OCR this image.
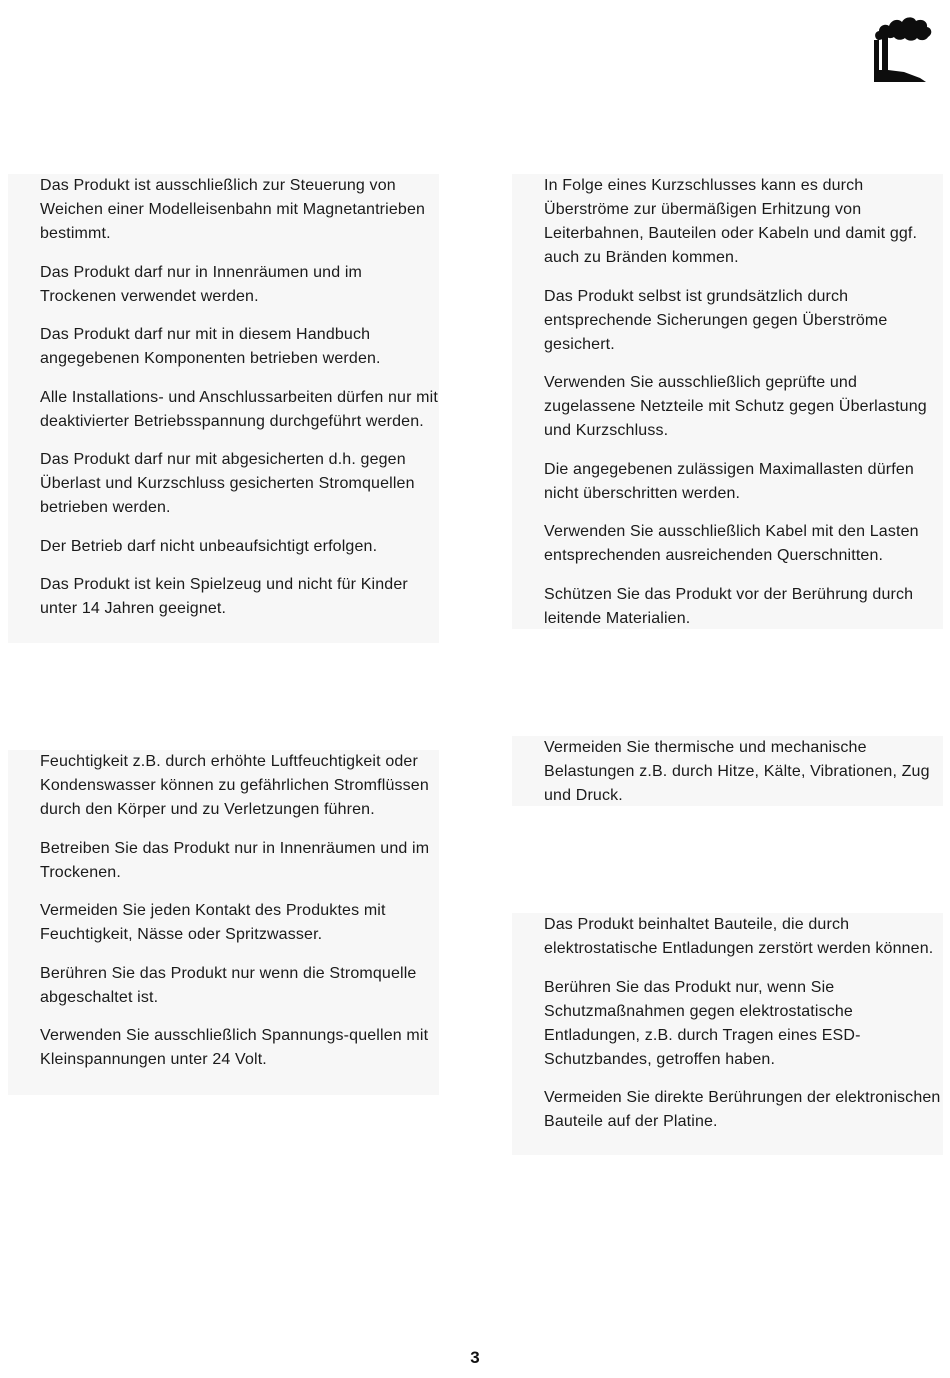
Das Produkt ist ausschließlich zur Steuerung von Weichen einer Modelleisenbahn mit Magnetantrieben bestimmt.

Das Produkt darf nur in Innenräumen und im Trockenen verwendet werden.

Das Produkt darf nur mit in diesem Handbuch angegebenen Komponenten betrieben werden.

Alle Installations- und Anschlussarbeiten dürfen nur mit deaktivierter Betriebsspannung durchgeführt werden.

Das Produkt darf nur mit abgesicherten d.h. gegen Überlast und Kurzschluss gesicherten Stromquellen betrieben werden.

Der Betrieb darf nicht unbeaufsichtigt erfolgen.

Das Produkt ist kein Spielzeug und nicht für Kinder unter 14 Jahren geeignet.

In Folge eines Kurzschlusses kann es durch Überströme zur übermäßigen Erhitzung von Leiterbahnen, Bauteilen oder Kabeln und damit ggf. auch zu Bränden kommen.

Das Produkt selbst ist grundsätzlich durch entsprechende Sicherungen gegen Überströme gesichert.

Verwenden Sie ausschließlich geprüfte und zugelassene Netzteile mit Schutz gegen Überlastung und Kurzschluss.

Die angegebenen zulässigen Maximallasten dürfen nicht überschritten werden.

Verwenden Sie ausschließlich Kabel mit den Lasten entsprechenden ausreichenden Querschnitten.

Schützen Sie das Produkt vor der Berührung durch leitende Materialien.

Feuchtigkeit z.B. durch erhöhte Luftfeuchtigkeit oder Kondenswasser können zu gefährlichen Stromflüssen durch den Körper und zu Verletzungen führen.

Betreiben Sie das Produkt nur in Innenräumen und im Trockenen.

Vermeiden Sie jeden Kontakt des Produktes mit Feuchtigkeit, Nässe oder Spritzwasser.

Berühren Sie das Produkt nur wenn die Stromquelle abgeschaltet ist.

Verwenden Sie ausschließlich Spannungs-quellen mit Kleinspannungen unter 24 Volt.

Vermeiden Sie thermische und mechanische Belastungen z.B. durch Hitze, Kälte, Vibrationen, Zug und Druck.

Das Produkt beinhaltet Bauteile, die durch elektrostatische Entladungen zerstört werden können.

Berühren Sie das Produkt nur, wenn Sie Schutzmaßnahmen gegen elektrostatische Entladungen, z.B. durch Tragen eines ESD-Schutzbandes, getroffen haben.

Vermeiden Sie direkte Berührungen der elektronischen Bauteile auf der Platine.

3
